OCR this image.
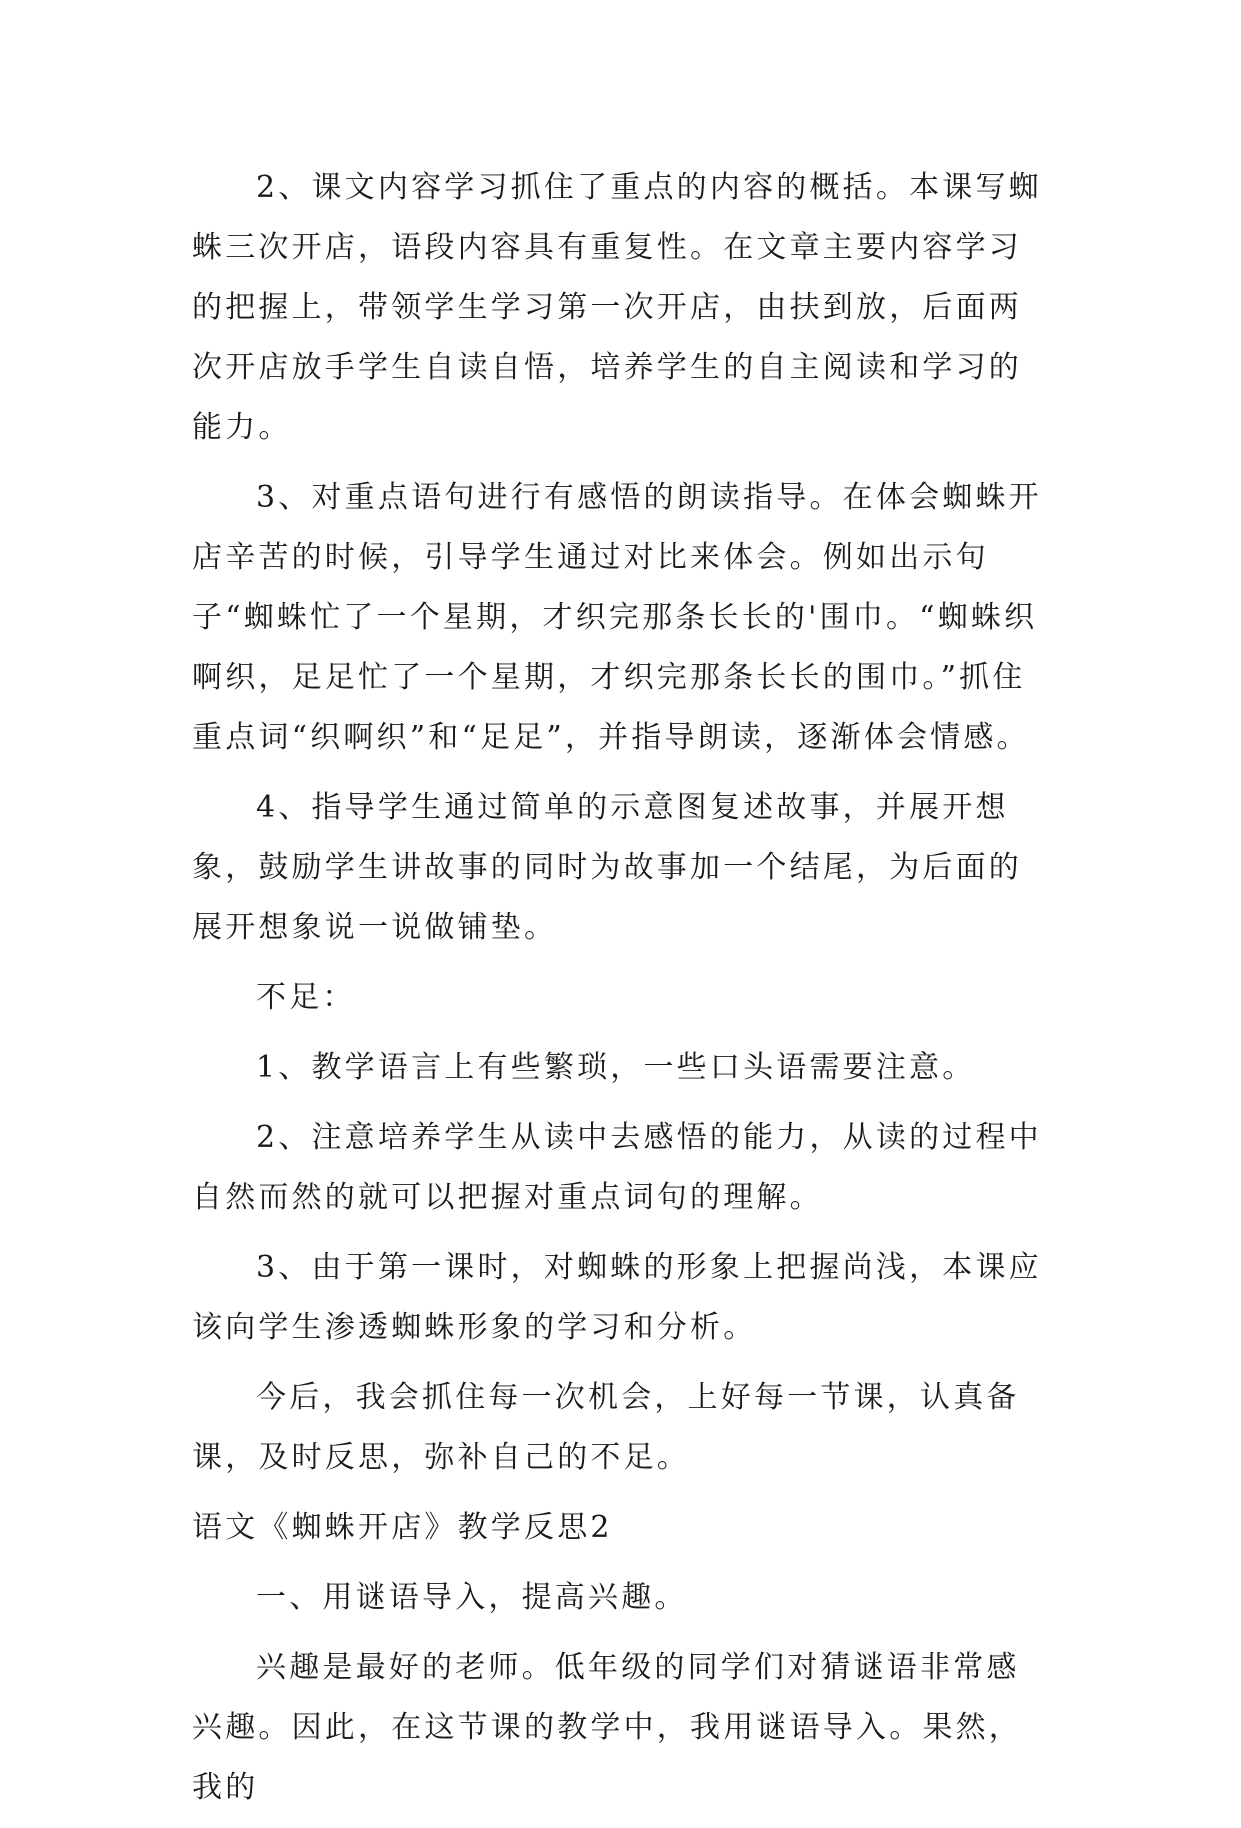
2、课文内容学习抓住了重点的内容的概括。本课写蜘蛛三次开店，语段内容具有重复性。在文章主要内容学习的把握上，带领学生学习第一次开店，由扶到放，后面两次开店放手学生自读自悟，培养学生的自主阅读和学习的能力。

3、对重点语句进行有感悟的朗读指导。在体会蜘蛛开店辛苦的时候，引导学生通过对比来体会。例如出示句子“蜘蛛忙了一个星期，才织完那条长长的'围巾。“蜘蛛织啊织，足足忙了一个星期，才织完那条长长的围巾。”抓住重点词“织啊织”和“足足”，并指导朗读，逐渐体会情感。

4、指导学生通过简单的示意图复述故事，并展开想象，鼓励学生讲故事的同时为故事加一个结尾，为后面的展开想象说一说做铺垫。

不足：

1、教学语言上有些繁琐，一些口头语需要注意。

2、注意培养学生从读中去感悟的能力，从读的过程中自然而然的就可以把握对重点词句的理解。

3、由于第一课时，对蜘蛛的形象上把握尚浅，本课应该向学生渗透蜘蛛形象的学习和分析。

今后，我会抓住每一次机会，上好每一节课，认真备课，及时反思，弥补自己的不足。

语文《蜘蛛开店》教学反思2

一、用谜语导入，提高兴趣。

兴趣是最好的老师。低年级的同学们对猜谜语非常感兴趣。因此，在这节课的教学中，我用谜语导入。果然，我的
